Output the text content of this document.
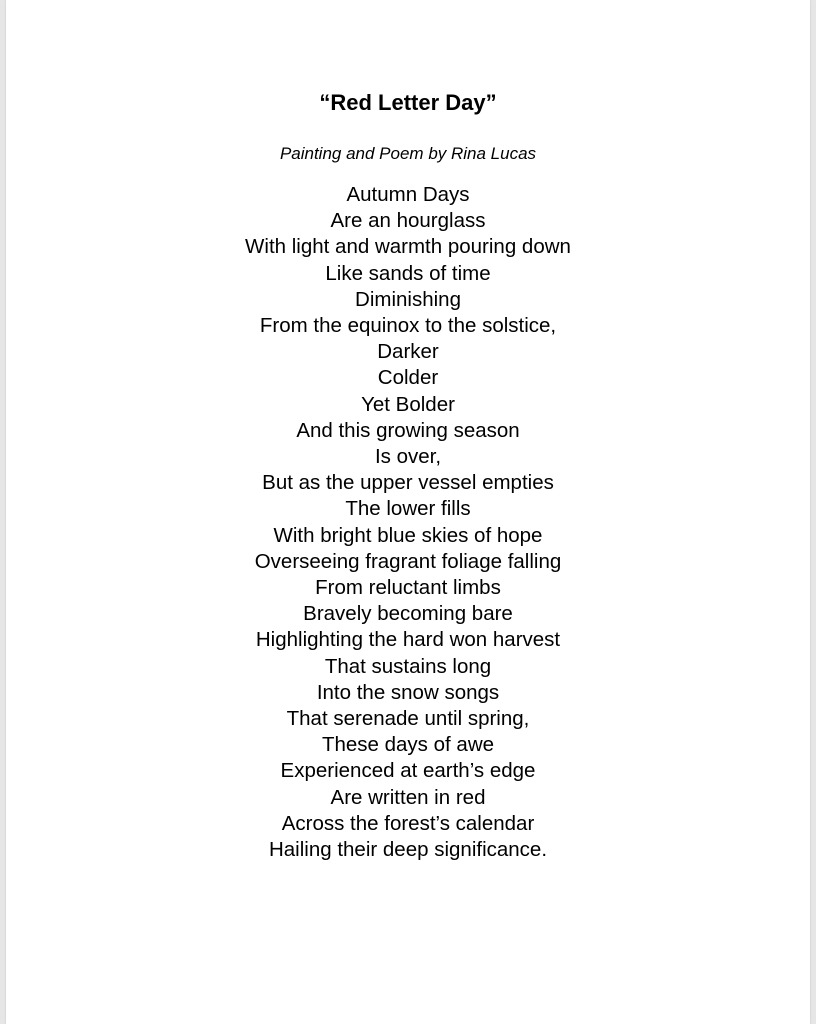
“Red Letter Day”
Painting and Poem by Rina Lucas
Autumn Days
Are an hourglass
With light and warmth pouring down
Like sands of time
Diminishing
From the equinox to the solstice,
Darker
Colder
Yet Bolder
And this growing season
Is over,
But as the upper vessel empties
The lower fills
With bright blue skies of hope
Overseeing fragrant foliage falling
From reluctant limbs
Bravely becoming bare
Highlighting the hard won harvest
That sustains long
Into the snow songs
That serenade until spring,
These days of awe
Experienced at earth’s edge
Are written in red
Across the forest’s calendar
Hailing their deep significance.
